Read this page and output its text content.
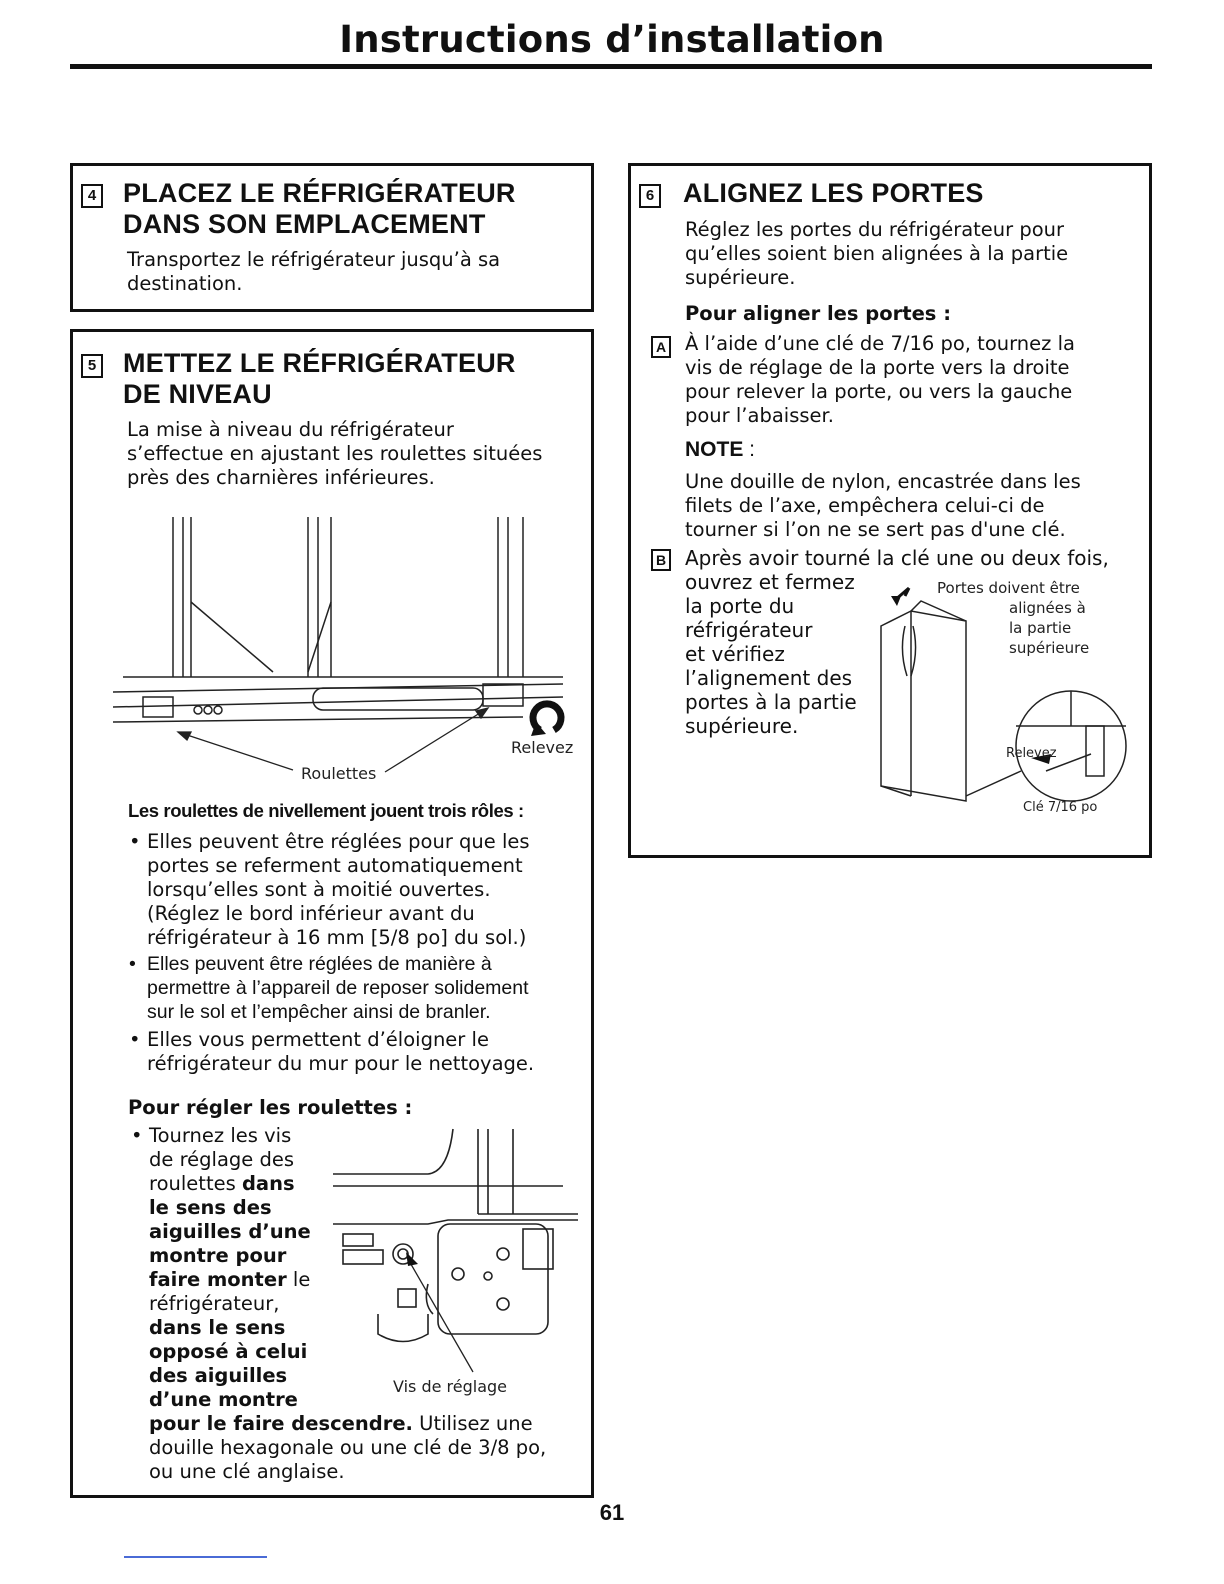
Instructions d’installation
4 PLACEZ LE RÉFRIGÉRATEUR
DANS SON EMPLACEMENT
Transportez le réfrigérateur jusqu’à sa
destination.
5 METTEZ LE RÉFRIGÉRATEUR
DE NIVEAU
La mise à niveau du réfrigérateur
s’effectue en ajustant les roulettes situées
près des charnières inférieures.
Roulettes
Relevez
Les roulettes de nivellement jouent trois rôles :
• Elles peuvent être réglées pour que les
portes se referment automatiquement
lorsqu’elles sont à moitié ouvertes.
(Réglez le bord inférieur avant du
réfrigérateur à 16 mm [5/8 po] du sol.)
• Elles peuvent être réglées de manière à
permettre à l’appareil de reposer solidement
sur le sol et l’empêcher ainsi de branler.
• Elles vous permettent d’éloigner le
réfrigérateur du mur pour le nettoyage.
Pour régler les roulettes :
• Tournez les vis
de réglage des
roulettes dans
le sens des
aiguilles d’une
montre pour
faire monter le
réfrigérateur,
dans le sens
opposé à celui
des aiguilles
d’une montre
pour le faire descendre. Utilisez une
douille hexagonale ou une clé de 3/8 po,
ou une clé anglaise.
Vis de réglage
6 ALIGNEZ LES PORTES
Réglez les portes du réfrigérateur pour
qu’elles soient bien alignées à la partie
supérieure.
Pour aligner les portes :
A À l’aide d’une clé de 7/16 po, tournez la
vis de réglage de la porte vers la droite
pour relever la porte, ou vers la gauche
pour l’abaisser.
NOTE :
Une douille de nylon, encastrée dans les
filets de l’axe, empêchera celui-ci de
tourner si l’on ne se sert pas d'une clé.
B Après avoir tourné la clé une ou deux fois,
ouvrez et fermez
la porte du
réfrigérateur
et vérifiez
l’alignement des
portes à la partie
supérieure.
Portes doivent être
alignées à
la partie
supérieure
Relevez
Clé 7/16 po
61
